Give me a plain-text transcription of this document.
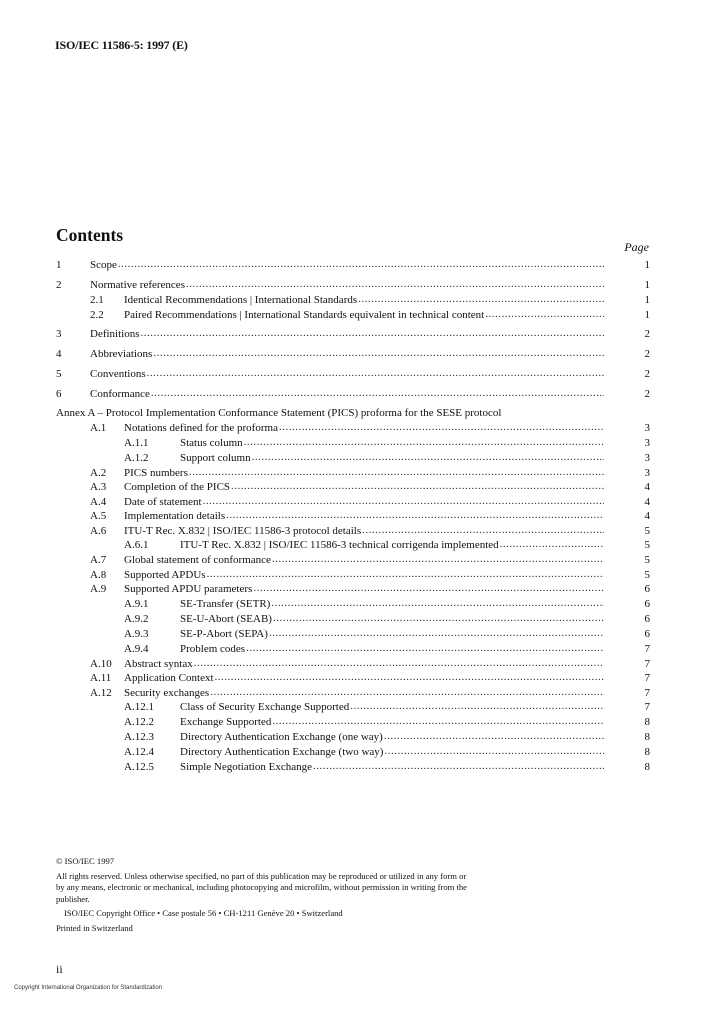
ISO/IEC 11586-5: 1997 (E)
Contents
Page
1	Scope .....	1
2	Normative references .....	1
2.1	Identical Recommendations | International Standards .....	1
2.2	Paired Recommendations | International Standards equivalent in technical content .....	1
3	Definitions .....	2
4	Abbreviations .....	2
5	Conventions .....	2
6	Conformance .....	2
Annex A – Protocol Implementation Conformance Statement (PICS) proforma for the SESE protocol
A.1	Notations defined for the proforma .....	3
A.1.1	Status column .....	3
A.1.2	Support column .....	3
A.2	PICS numbers .....	3
A.3	Completion of the PICS .....	4
A.4	Date of statement .....	4
A.5	Implementation details .....	4
A.6	ITU-T Rec. X.832 | ISO/IEC 11586-3 protocol details .....	5
A.6.1	ITU-T Rec. X.832 | ISO/IEC 11586-3 technical corrigenda implemented .....	5
A.7	Global statement of conformance .....	5
A.8	Supported APDUs .....	5
A.9	Supported APDU parameters .....	6
A.9.1	SE-Transfer (SETR) .....	6
A.9.2	SE-U-Abort (SEAB) .....	6
A.9.3	SE-P-Abort (SEPA) .....	6
A.9.4	Problem codes .....	7
A.10	Abstract syntax .....	7
A.11	Application Context .....	7
A.12	Security exchanges .....	7
A.12.1	Class of Security Exchange Supported .....	7
A.12.2	Exchange Supported .....	8
A.12.3	Directory Authentication Exchange (one way) .....	8
A.12.4	Directory Authentication Exchange (two way) .....	8
A.12.5	Simple Negotiation Exchange .....	8

© ISO/IEC 1997

All rights reserved. Unless otherwise specified, no part of this publication may be reproduced or utilized in any form or by any means, electronic or mechanical, including photocopying and microfilm, without permission in writing from the publisher.

ISO/IEC Copyright Office • Case postale 56 • CH-1211 Genève 20 • Switzerland

Printed in Switzerland

ii
Copyright International Organization for Standardization
